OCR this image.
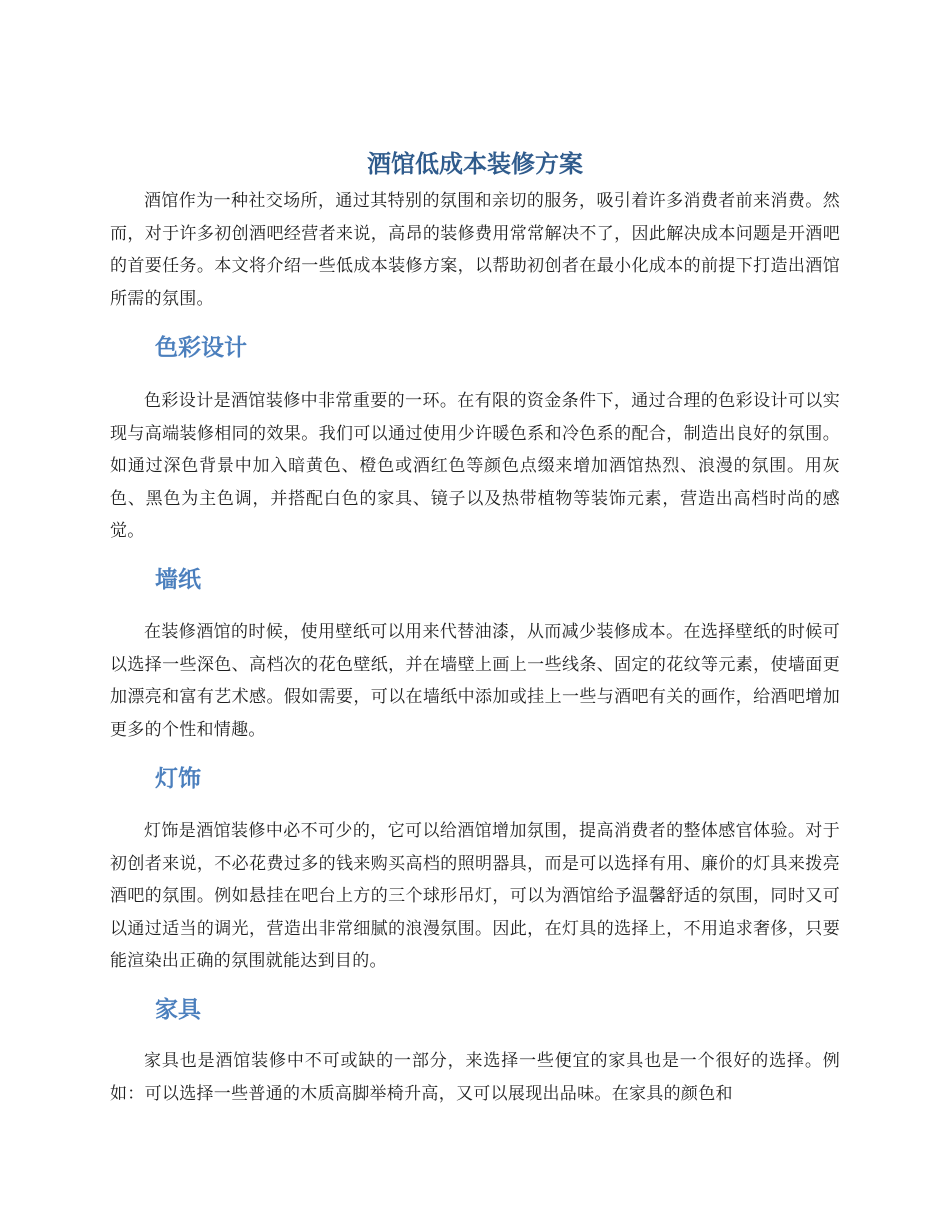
酒馆低成本装修方案

酒馆作为一种社交场所，通过其特别的氛围和亲切的服务，吸引着许多消费者前来消费。然而，对于许多初创酒吧经营者来说，高昂的装修费用常常解决不了，因此解决成本问题是开酒吧的首要任务。本文将介绍一些低成本装修方案，以帮助初创者在最小化成本的前提下打造出酒馆所需的氛围。

色彩设计

色彩设计是酒馆装修中非常重要的一环。在有限的资金条件下，通过合理的色彩设计可以实现与高端装修相同的效果。我们可以通过使用少许暖色系和冷色系的配合，制造出良好的氛围。如通过深色背景中加入暗黄色、橙色或酒红色等颜色点缀来增加酒馆热烈、浪漫的氛围。用灰色、黑色为主色调，并搭配白色的家具、镜子以及热带植物等装饰元素，营造出高档时尚的感觉。

墙纸

在装修酒馆的时候，使用壁纸可以用来代替油漆，从而减少装修成本。在选择壁纸的时候可以选择一些深色、高档次的花色壁纸，并在墙壁上画上一些线条、固定的花纹等元素，使墙面更加漂亮和富有艺术感。假如需要，可以在墙纸中添加或挂上一些与酒吧有关的画作，给酒吧增加更多的个性和情趣。

灯饰

灯饰是酒馆装修中必不可少的，它可以给酒馆增加氛围，提高消费者的整体感官体验。对于初创者来说，不必花费过多的钱来购买高档的照明器具，而是可以选择有用、廉价的灯具来拨亮酒吧的氛围。例如悬挂在吧台上方的三个球形吊灯，可以为酒馆给予温馨舒适的氛围，同时又可以通过适当的调光，营造出非常细腻的浪漫氛围。因此，在灯具的选择上，不用追求奢侈，只要能渲染出正确的氛围就能达到目的。

家具

家具也是酒馆装修中不可或缺的一部分，来选择一些便宜的家具也是一个很好的选择。例如：可以选择一些普通的木质高脚举椅升高，又可以展现出品味。在家具的颜色和
